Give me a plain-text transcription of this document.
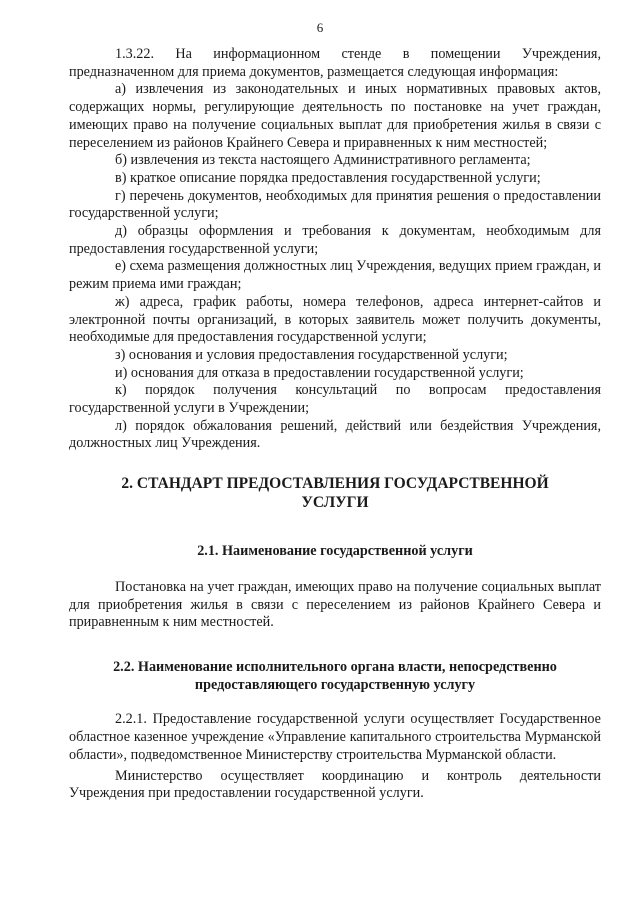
6

1.3.22. На информационном стенде в помещении Учреждения, предназначенном для приема документов, размещается следующая информация:

а) извлечения из законодательных и иных нормативных правовых актов, содержащих нормы, регулирующие деятельность по постановке на учет граждан, имеющих право на получение социальных выплат для приобретения жилья в связи с переселением из районов Крайнего Севера и приравненных к ним местностей;

б) извлечения из текста настоящего Административного регламента;

в) краткое описание порядка предоставления государственной услуги;

г) перечень документов, необходимых для принятия решения о предоставлении государственной услуги;

д) образцы оформления и требования к документам, необходимым для предоставления государственной услуги;

е) схема размещения должностных лиц Учреждения, ведущих прием граждан, и режим приема ими граждан;

ж) адреса, график работы, номера телефонов, адреса интернет-сайтов и электронной почты организаций, в которых заявитель может получить документы, необходимые для предоставления государственной услуги;

з) основания и условия предоставления государственной услуги;

и) основания для отказа в предоставлении государственной услуги;

к) порядок получения консультаций по вопросам предоставления государственной услуги в Учреждении;

л) порядок обжалования решений, действий или бездействия Учреждения, должностных лиц Учреждения.

2. СТАНДАРТ ПРЕДОСТАВЛЕНИЯ ГОСУДАРСТВЕННОЙ УСЛУГИ
2.1. Наименование государственной услуги

Постановка на учет граждан, имеющих право на получение социальных выплат для приобретения жилья в связи с переселением из районов Крайнего Севера и приравненным к ним местностей.

2.2. Наименование исполнительного органа власти, непосредственно предоставляющего государственную услугу

2.2.1. Предоставление государственной услуги осуществляет Государственное областное казенное учреждение «Управление капитального строительства Мурманской области», подведомственное Министерству строительства Мурманской области.

Министерство осуществляет координацию и контроль деятельности Учреждения при предоставлении государственной услуги.
